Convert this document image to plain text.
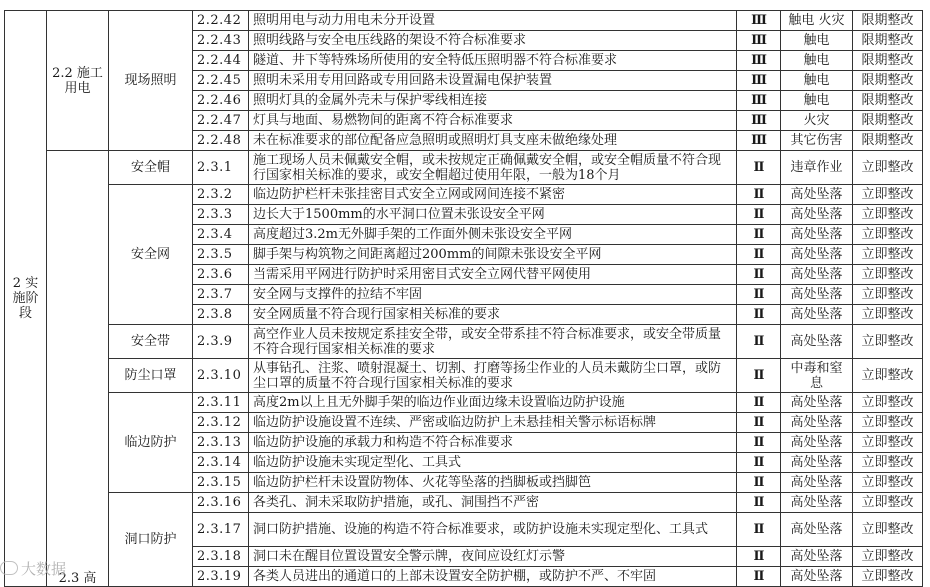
2 实施阶段	2.2 施工用电	现场照明	2.2.42	照明用电与动力用电未分开设置	Ⅲ	触电 火灾	限期整改
			2.2.43	照明线路与安全电压线路的架设不符合标准要求	Ⅲ	触电	限期整改
			2.2.44	隧道、井下等特殊场所使用的安全特低压照明器不符合标准要求	Ⅲ	触电	限期整改
			2.2.45	照明未采用专用回路或专用回路未设置漏电保护装置	Ⅲ	触电	限期整改
			2.2.46	照明灯具的金属外壳未与保护零线相连接	Ⅲ	触电	限期整改
			2.2.47	灯具与地面、易燃物间的距离不符合标准要求	Ⅲ	火灾	限期整改
			2.2.48	未在标准要求的部位配备应急照明或照明灯具支座未做绝缘处理	Ⅲ	其它伤害	限期整改
	2.3 高	安全帽	2.3.1	施工现场人员未佩戴安全帽，或未按规定正确佩戴安全帽，或安全帽质量不符合现行国家相关标准的要求，或安全帽超过使用年限，一般为18个月	Ⅱ	违章作业	立即整改
		安全网	2.3.2	临边防护栏杆未张挂密目式安全立网或网间连接不紧密	Ⅱ	高处坠落	立即整改
			2.3.3	边长大于1500mm的水平洞口位置未张设安全平网	Ⅱ	高处坠落	立即整改
			2.3.4	高度超过3.2m无外脚手架的工作面外侧未张设安全平网	Ⅱ	高处坠落	立即整改
			2.3.5	脚手架与构筑物之间距离超过200mm的间隙未张设安全平网	Ⅱ	高处坠落	立即整改
			2.3.6	当需采用平网进行防护时采用密目式安全立网代替平网使用	Ⅱ	高处坠落	立即整改
			2.3.7	安全网与支撑件的拉结不牢固	Ⅱ	高处坠落	立即整改
			2.3.8	安全网质量不符合现行国家相关标准的要求	Ⅱ	高处坠落	立即整改
		安全带	2.3.9	高空作业人员未按规定系挂安全带，或安全带系挂不符合标准要求，或安全带质量不符合现行国家相关标准的要求	Ⅱ	高处坠落	立即整改
		防尘口罩	2.3.10	从事钻孔、注浆、喷射混凝土、切割、打磨等扬尘作业的人员未戴防尘口罩，或防尘口罩的质量不符合现行国家相关标准的要求	Ⅱ	中毒和窒息	立即整改
		临边防护	2.3.11	高度2m以上且无外脚手架的临边作业面边缘未设置临边防护设施	Ⅱ	高处坠落	立即整改
			2.3.12	临边防护设施设置不连续、严密或临边防护上未悬挂相关警示标语标牌	Ⅱ	高处坠落	立即整改
			2.3.13	临边防护设施的承载力和构造不符合标准要求	Ⅱ	高处坠落	立即整改
			2.3.14	临边防护设施未实现定型化、工具式	Ⅱ	高处坠落	立即整改
			2.3.15	临边防护栏杆未设置防物体、火花等坠落的挡脚板或挡脚笆	Ⅱ	高处坠落	立即整改
		洞口防护	2.3.16	各类孔、洞未采取防护措施，或孔、洞围挡不严密	Ⅱ	高处坠落	立即整改
			2.3.17	洞口防护措施、设施的构造不符合标准要求，或防护设施未实现定型化、工具式	Ⅱ	高处坠落	立即整改
			2.3.18	洞口未在醒目位置设置安全警示牌，夜间应设红灯示警	Ⅱ	高处坠落	立即整改
			2.3.19	各类人员进出的通道口的上部未设置安全防护棚，或防护不严、不牢固	Ⅱ	高处坠落	立即整改
大数据
